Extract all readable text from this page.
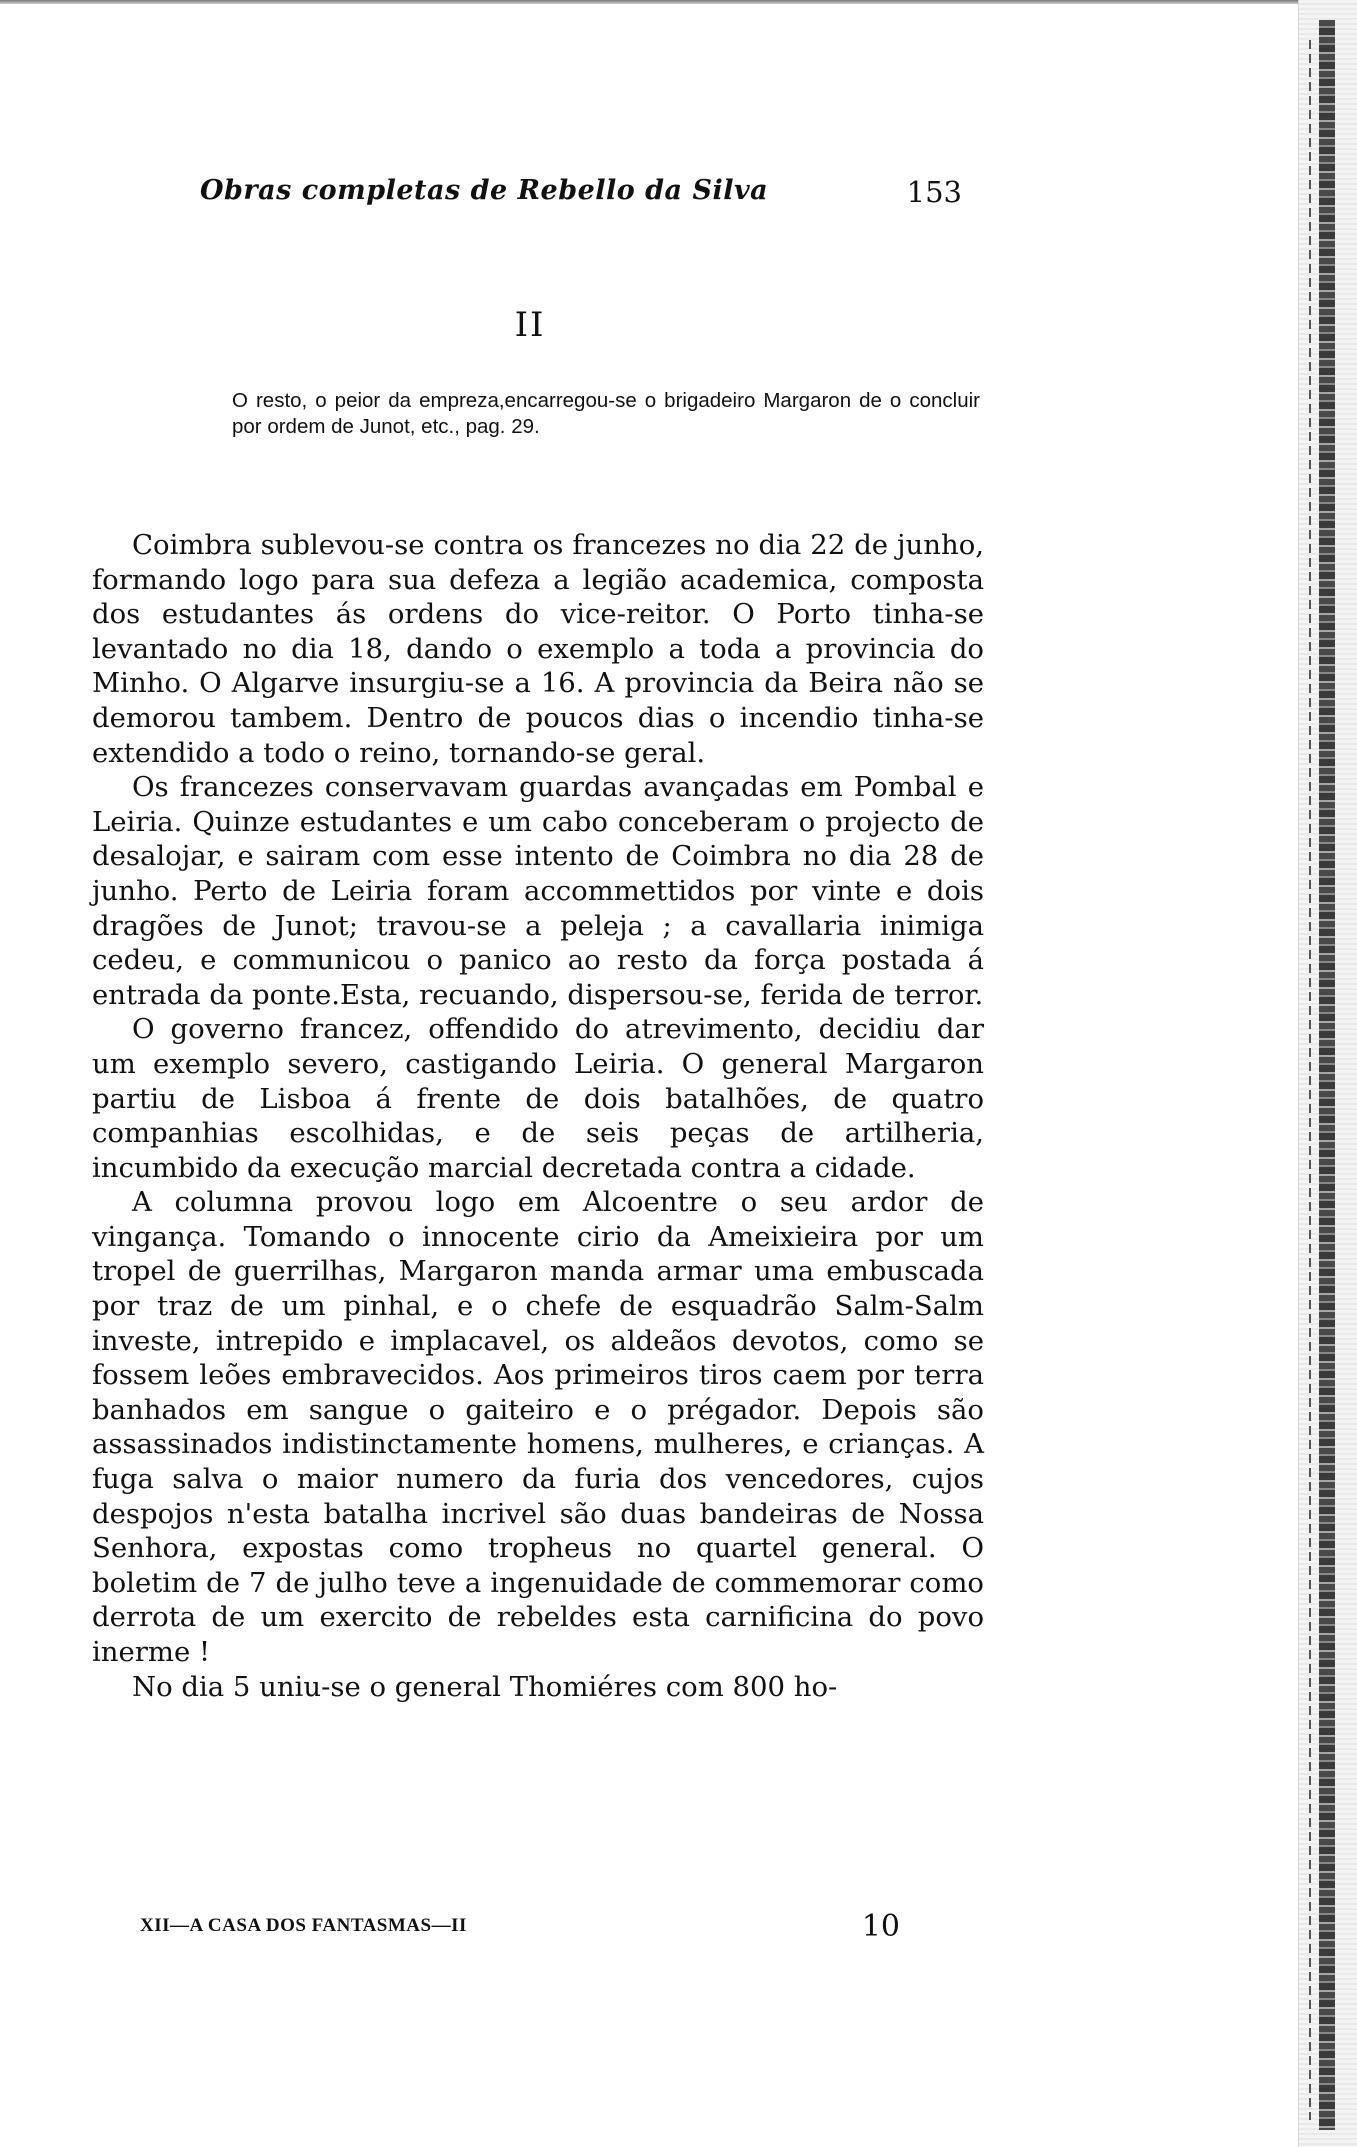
Obras completas de Rebello da Silva	153
II
O resto, o peior da empreza,encarregou-se o brigadeiro Margaron de o concluir por ordem de Junot, etc., pag. 29.

Coimbra sublevou-se contra os francezes no dia 22 de junho, formando logo para sua defeza a legião academica, composta dos estudantes ás ordens do vice-reitor. O Porto tinha-se levantado no dia 18, dando o exemplo a toda a provincia do Minho. O Algarve insurgiu-se a 16. A provincia da Beira não se demorou tambem. Dentro de poucos dias o incendio tinha-se extendido a todo o reino, tornando-se geral.

Os francezes conservavam guardas avançadas em Pombal e Leiria. Quinze estudantes e um cabo conceberam o projecto de desalojar, e sairam com esse intento de Coimbra no dia 28 de junho. Perto de Leiria foram accommettidos por vinte e dois dragões de Junot; travou-se a peleja ; a cavallaria inimiga cedeu, e communicou o panico ao resto da força postada á entrada da ponte.Esta, recuando, dispersou-se, ferida de terror.

O governo francez, offendido do atrevimento, decidiu dar um exemplo severo, castigando Leiria. O general Margaron partiu de Lisboa á frente de dois batalhões, de quatro companhias escolhidas, e de seis peças de artilheria, incumbido da execução marcial decretada contra a cidade.

A columna provou logo em Alcoentre o seu ardor de vingança. Tomando o innocente cirio da Ameixieira por um tropel de guerrilhas, Margaron manda armar uma embuscada por traz de um pinhal, e o chefe de esquadrão Salm-Salm investe, intrepido e implacavel, os aldeãos devotos, como se fossem leões embravecidos. Aos primeiros tiros caem por terra banhados em sangue o gaiteiro e o prégador. Depois são assassinados indistinctamente homens, mulheres, e crianças. A fuga salva o maior numero da furia dos vencedores, cujos despojos n'esta batalha incrivel são duas bandeiras de Nossa Senhora, expostas como tropheus no quartel general. O boletim de 7 de julho teve a ingenuidade de commemorar como derrota de um exercito de rebeldes esta carnificina do povo inerme !

No dia 5 uniu-se o general Thomiéres com 800 ho-

XII—A CASA DOS FANTASMAS—II	10
